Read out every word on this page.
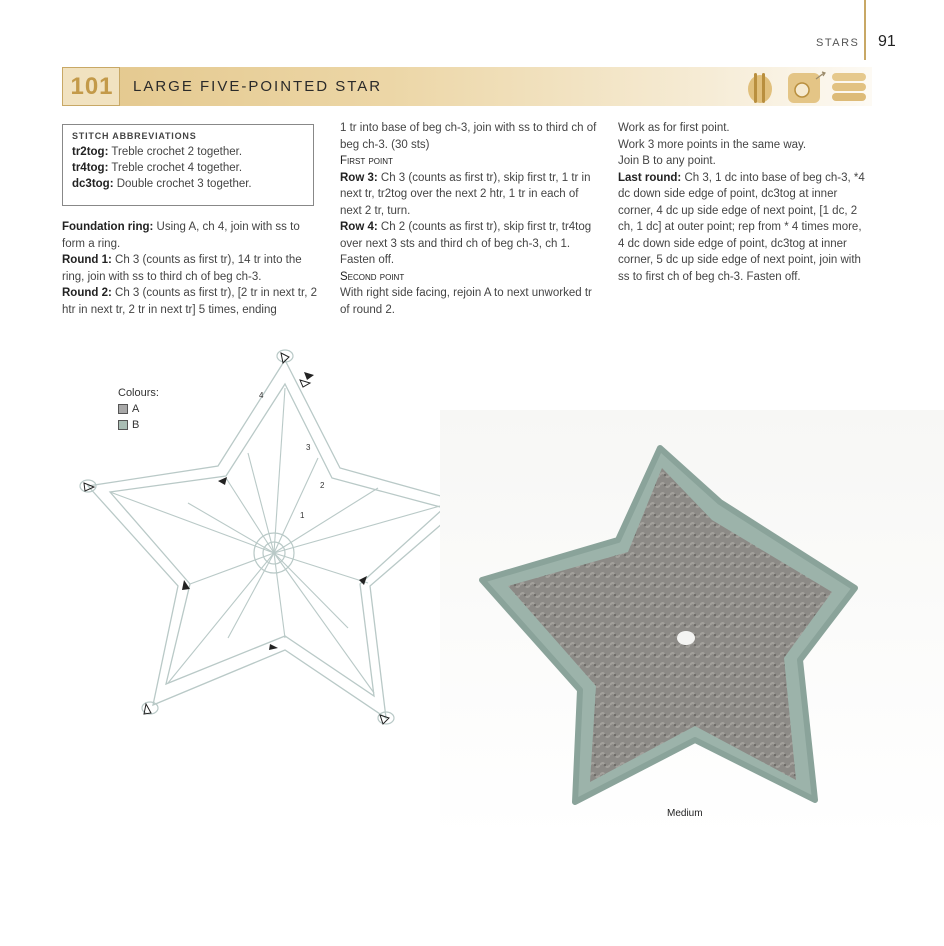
STARS 91
101	LARGE FIVE-POINTED STAR
STITCH ABBREVIATIONS
tr2tog: Treble crochet 2 together.
tr4tog: Treble crochet 4 together.
dc3tog: Double crochet 3 together.

Foundation ring: Using A, ch 4, join with ss to form a ring.

Round 1: Ch 3 (counts as first tr), 14 tr into the ring, join with ss to third ch of beg ch-3.

Round 2: Ch 3 (counts as first tr), [2 tr in next tr, 2 htr in next tr, 2 tr in next tr] 5 times, ending

1 tr into base of beg ch-3, join with ss to third ch of beg ch-3. (30 sts)

First point

Row 3: Ch 3 (counts as first tr), skip first tr, 1 tr in next tr, tr2tog over the next 2 htr, 1 tr in each of next 2 tr, turn.

Row 4: Ch 2 (counts as first tr), skip first tr, tr4tog over next 3 sts and third ch of beg ch-3, ch 1. Fasten off.

Second point

With right side facing, rejoin A to next unworked tr of round 2.

Work as for first point.

Work 3 more points in the same way.

Join B to any point.

Last round: Ch 3, 1 dc into base of beg ch-3, *4 dc down side edge of point, dc3tog at inner corner, 4 dc up side edge of next point, [1 dc, 2 ch, 1 dc] at outer point; rep from * 4 times more, 4 dc down side edge of point, dc3tog at inner corner, 5 dc up side edge of next point, join with ss to first ch of beg ch-3. Fasten off.

1
2
3
4
Colours:
A
B
Medium
